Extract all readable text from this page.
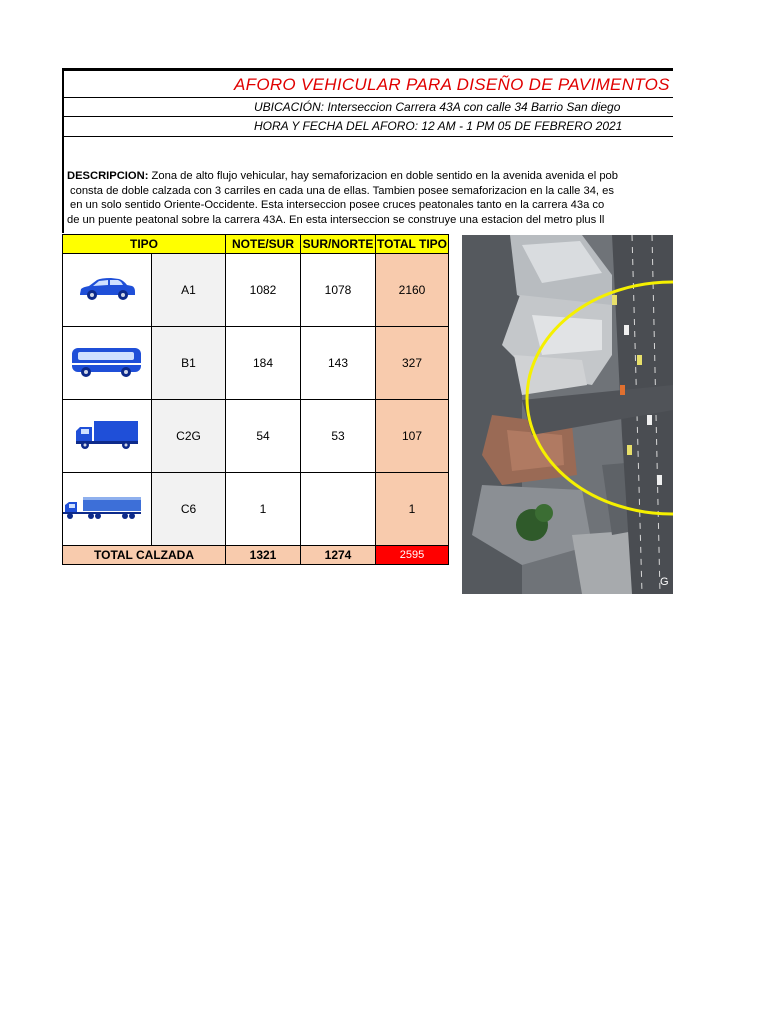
AFORO VEHICULAR PARA DISEÑO DE PAVIMENTOS
UBICACIÓN: Interseccion Carrera 43A con calle 34 Barrio San diego
HORA Y FECHA DEL AFORO: 12 AM - 1 PM 05 DE FEBRERO 2021

DESCRIPCION: Zona de alto flujo vehicular, hay semaforizacion en doble sentido en la avenida avenida el pob

consta de doble calzada con 3 carriles en cada una de ellas. Tambien posee semaforizacion en la calle 34, es

en un solo sentido Oriente-Occidente. Esta interseccion posee cruces peatonales tanto en la carrera 43a co

de un puente peatonal sobre la carrera 43A. En esta interseccion se construye una estacion del metro plus ll

TIPO		NOTE/SUR	SUR/NORTE	TOTAL TIPO
	A1	1082	1078	2160
	B1	184	143	327
	C2G	54	53	107
	C6	1		1
TOTAL CALZADA		1321	1274	2595
G
